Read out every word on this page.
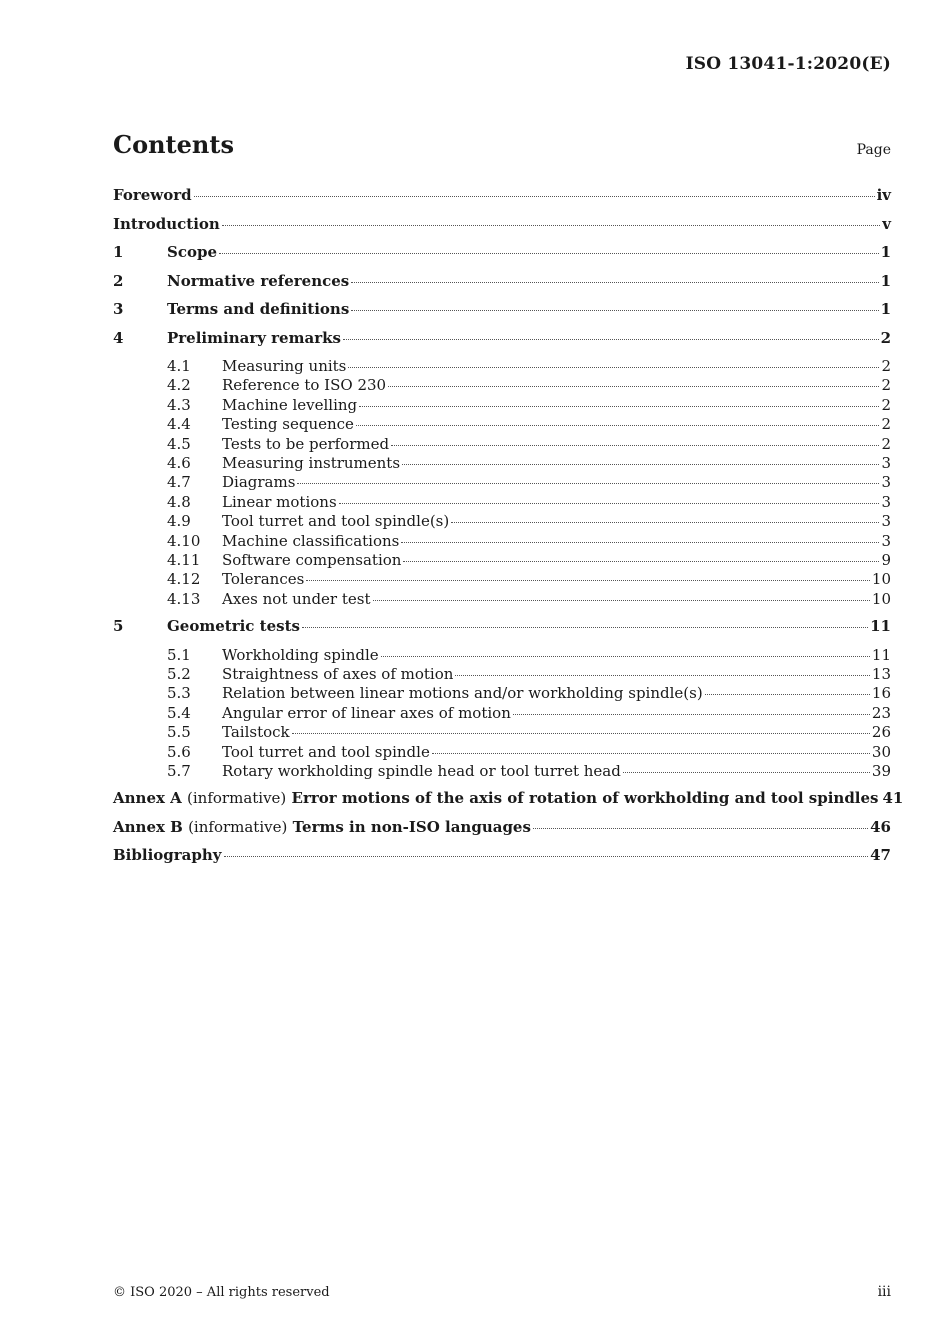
ISO 13041-1:2020(E)
Contents	Page
Foreword	iv
Introduction	v
1	Scope	1
2	Normative references	1
3	Terms and definitions	1
4	Preliminary remarks	2
4.1	Measuring units	2
4.2	Reference to ISO 230	2
4.3	Machine levelling	2
4.4	Testing sequence	2
4.5	Tests to be performed	2
4.6	Measuring instruments	3
4.7	Diagrams	3
4.8	Linear motions	3
4.9	Tool turret and tool spindle(s)	3
4.10	Machine classifications	3
4.11	Software compensation	9
4.12	Tolerances	10
4.13	Axes not under test	10
5	Geometric tests	11
5.1	Workholding spindle	11
5.2	Straightness of axes of motion	13
5.3	Relation between linear motions and/or workholding spindle(s)	16
5.4	Angular error of linear axes of motion	23
5.5	Tailstock	26
5.6	Tool turret and tool spindle	30
5.7	Rotary workholding spindle head or tool turret head	39
Annex A (informative) Error motions of the axis of rotation of workholding and tool spindles 41
Annex B (informative) Terms in non-ISO languages	46
Bibliography	47
© ISO 2020 – All rights reserved	iii
